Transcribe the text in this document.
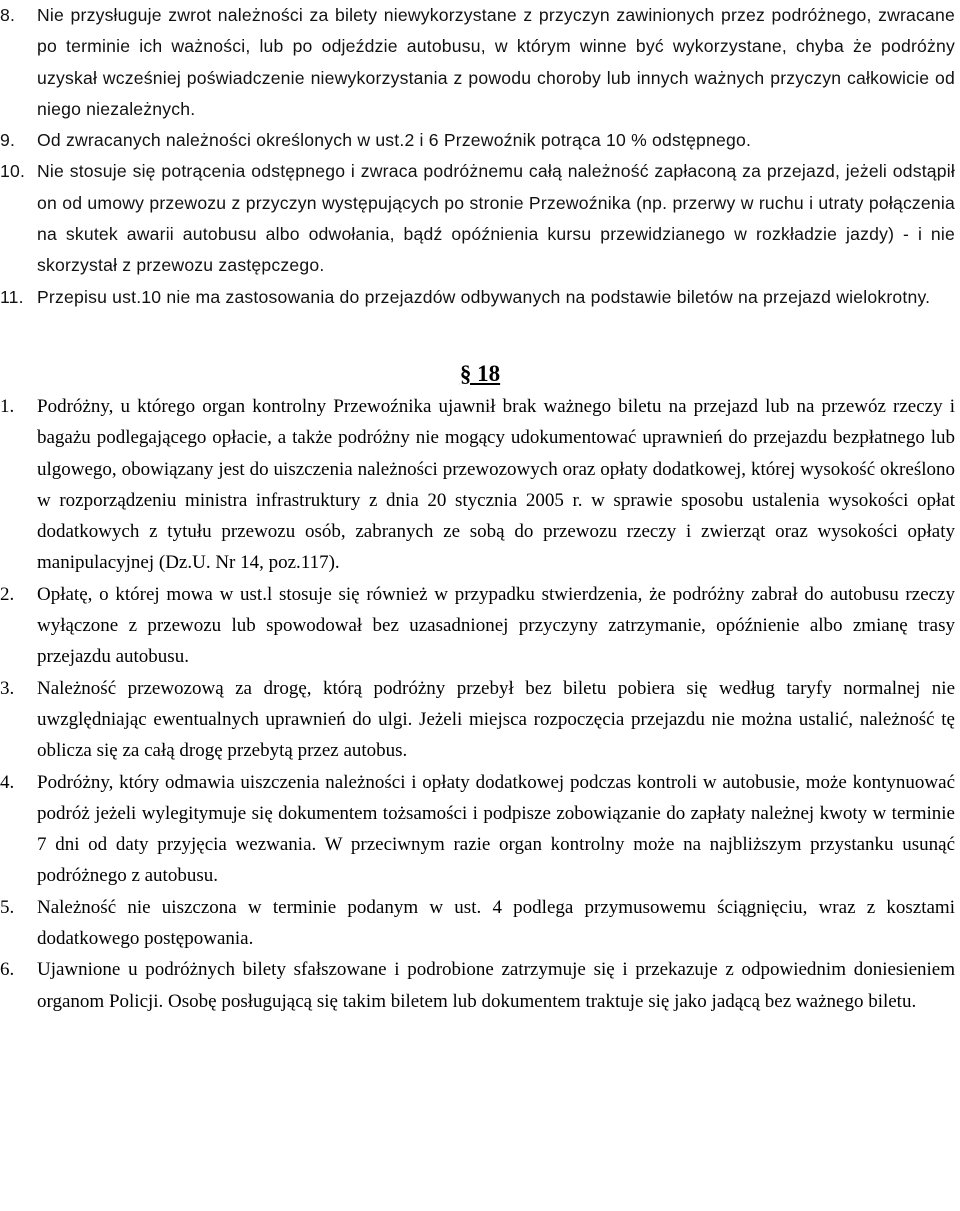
8. Nie przysługuje zwrot należności za bilety niewykorzystane z przyczyn zawinionych przez podróżnego, zwracane po terminie ich ważności, lub po odjeździe autobusu, w którym winne być wykorzystane, chyba że podróżny uzyskał wcześniej poświadczenie niewykorzystania z powodu choroby lub innych ważnych przyczyn całkowicie od niego niezależnych.

9. Od zwracanych należności określonych w ust.2 i 6 Przewoźnik potrąca 10 % odstępnego.

10. Nie stosuje się potrącenia odstępnego i zwraca podróżnemu całą należność zapłaconą za przejazd, jeżeli odstąpił on od umowy przewozu z przyczyn występujących po stronie Przewoźnika (np. przerwy w ruchu i utraty połączenia na skutek awarii autobusu albo odwołania, bądź opóźnienia kursu przewidzianego w rozkładzie jazdy) - i nie skorzystał z przewozu zastępczego.

11. Przepisu ust.10 nie ma zastosowania do przejazdów odbywanych na podstawie biletów na przejazd wielokrotny.

§ 18

1. Podróżny, u którego organ kontrolny Przewoźnika ujawnił brak ważnego biletu na przejazd lub na przewóz rzeczy i bagażu podlegającego opłacie, a także podróżny nie mogący udokumentować uprawnień do przejazdu bezpłatnego lub ulgowego, obowiązany jest do uiszczenia należności przewozowych oraz opłaty dodatkowej, której wysokość określono w rozporządzeniu ministra infrastruktury z dnia 20 stycznia 2005 r. w sprawie sposobu ustalenia wysokości opłat dodatkowych z tytułu przewozu osób, zabranych ze sobą do przewozu rzeczy i zwierząt oraz wysokości opłaty manipulacyjnej (Dz.U. Nr 14, poz.117).

2. Opłatę, o której mowa w ust.l stosuje się również w przypadku stwierdzenia, że podróżny zabrał do autobusu rzeczy wyłączone z przewozu lub spowodował bez uzasadnionej przyczyny zatrzymanie, opóźnienie albo zmianę trasy przejazdu autobusu.

3. Należność przewozową za drogę, którą podróżny przebył bez biletu pobiera się według taryfy normalnej nie uwzględniając ewentualnych uprawnień do ulgi. Jeżeli miejsca rozpoczęcia przejazdu nie można ustalić, należność tę oblicza się za całą drogę przebytą przez autobus.

4. Podróżny, który odmawia uiszczenia należności i opłaty dodatkowej podczas kontroli w autobusie, może kontynuować podróż jeżeli wylegitymuje się dokumentem tożsamości i podpisze zobowiązanie do zapłaty należnej kwoty w terminie 7 dni od daty przyjęcia wezwania. W przeciwnym razie organ kontrolny może na najbliższym przystanku usunąć podróżnego z autobusu.

5. Należność nie uiszczona w terminie podanym w ust. 4 podlega przymusowemu ściągnięciu, wraz z kosztami dodatkowego postępowania.

6. Ujawnione u podróżnych bilety sfałszowane i podrobione zatrzymuje się i przekazuje z odpowiednim doniesieniem organom Policji. Osobę posługującą się takim biletem lub dokumentem traktuje się jako jadącą bez ważnego biletu.
